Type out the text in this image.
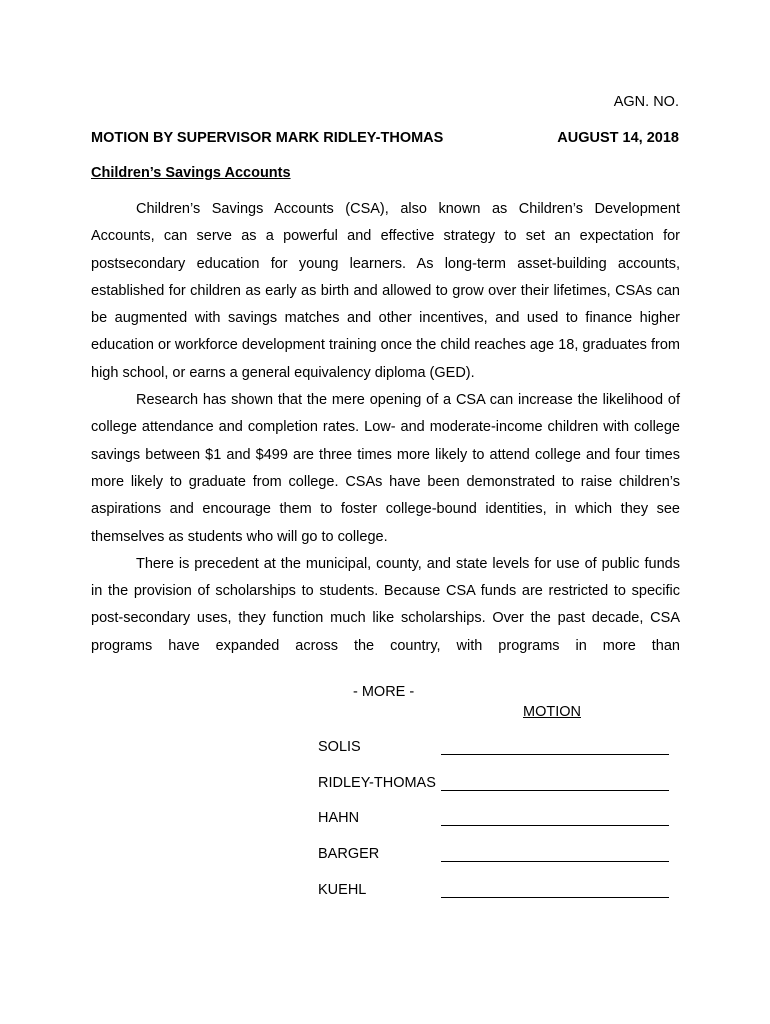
AGN. NO.
MOTION BY SUPERVISOR MARK RIDLEY-THOMAS	AUGUST 14, 2018
Children’s Savings Accounts

Children’s Savings Accounts (CSA), also known as Children’s Development Accounts, can serve as a powerful and effective strategy to set an expectation for postsecondary education for young learners. As long-term asset-building accounts, established for children as early as birth and allowed to grow over their lifetimes, CSAs can be augmented with savings matches and other incentives, and used to finance higher education or workforce development training once the child reaches age 18, graduates from high school, or earns a general equivalency diploma (GED).

Research has shown that the mere opening of a CSA can increase the likelihood of college attendance and completion rates. Low- and moderate-income children with college savings between $1 and $499 are three times more likely to attend college and four times more likely to graduate from college. CSAs have been demonstrated to raise children’s aspirations and encourage them to foster college-bound identities, in which they see themselves as students who will go to college.

There is precedent at the municipal, county, and state levels for use of public funds in the provision of scholarships to students. Because CSA funds are restricted to specific post-secondary uses, they function much like scholarships. Over the past decade, CSA programs have expanded across the country, with programs in more than

- MORE -
MOTION
SOLIS
RIDLEY-THOMAS
HAHN
BARGER
KUEHL
